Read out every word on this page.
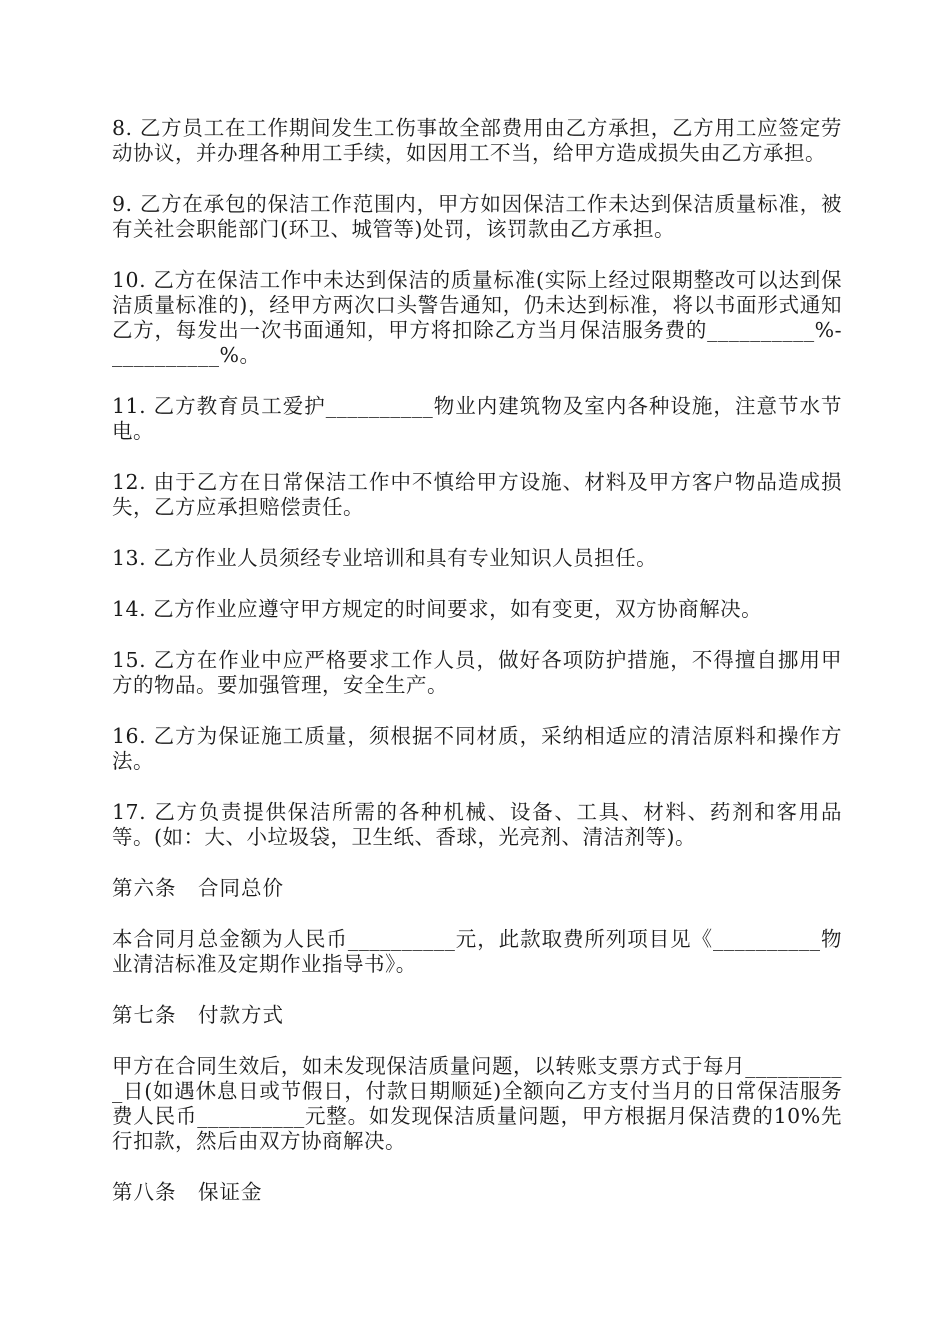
8. 乙方员工在工作期间发生工伤事故全部费用由乙方承担，乙方用工应签定劳动协议，并办理各种用工手续，如因用工不当，给甲方造成损失由乙方承担。

9. 乙方在承包的保洁工作范围内，甲方如因保洁工作未达到保洁质量标准，被有关社会职能部门(环卫、城管等)处罚，该罚款由乙方承担。

10. 乙方在保洁工作中未达到保洁的质量标准(实际上经过限期整改可以达到保洁质量标准的)，经甲方两次口头警告通知，仍未达到标准，将以书面形式通知乙方，每发出一次书面通知，甲方将扣除乙方当月保洁服务费的__________%-__________%。

11. 乙方教育员工爱护__________物业内建筑物及室内各种设施，注意节水节电。

12. 由于乙方在日常保洁工作中不慎给甲方设施、材料及甲方客户物品造成损失，乙方应承担赔偿责任。

13. 乙方作业人员须经专业培训和具有专业知识人员担任。

14. 乙方作业应遵守甲方规定的时间要求，如有变更，双方协商解决。

15. 乙方在作业中应严格要求工作人员，做好各项防护措施，不得擅自挪用甲方的物品。要加强管理，安全生产。

16. 乙方为保证施工质量，须根据不同材质，采纳相适应的清洁原料和操作方法。

17. 乙方负责提供保洁所需的各种机械、设备、工具、材料、药剂和客用品等。(如：大、小垃圾袋，卫生纸、香球，光亮剂、清洁剂等)。

第六条　合同总价

本合同月总金额为人民币__________元，此款取费所列项目见《__________物业清洁标准及定期作业指导书》。

第七条　付款方式

甲方在合同生效后，如未发现保洁质量问题，以转账支票方式于每月__________日(如遇休息日或节假日，付款日期顺延)全额向乙方支付当月的日常保洁服务费人民币__________元整。如发现保洁质量问题，甲方根据月保洁费的10%先行扣款，然后由双方协商解决。

第八条　保证金
